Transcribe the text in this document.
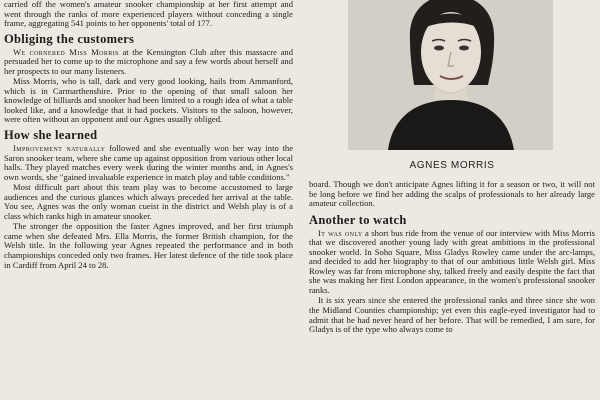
carried off the women's amateur snooker championship at her first attempt and went through the ranks of more experienced players without conceding a single frame, aggregating 541 points to her opponents' total of 177.

Obliging the customers

We cornered Miss Morris at the Kensington Club after this massacre and persuaded her to come up to the microphone and say a few words about herself and her prospects to our many listeners.

Miss Morris, who is tall, dark and very good looking, hails from Ammanford, which is in Carmarthenshire. Prior to the opening of that small saloon her knowledge of billiards and snooker had been limited to a rough idea of what a table looked like, and a knowledge that it had pockets. Visitors to the saloon, however, were often without an opponent and our Agnes usually obliged.

How she learned

Improvement naturally followed and she eventually won her way into the Saron snooker team, where she came up against opposition from various other local halls. They played matches every week during the winter months and, in Agnes's own words, she "gained invaluable experience in match play and table conditions."

Most difficult part about this team play was to become accustomed to large audiences and the curious glances which always preceded her arrival at the table. You see, Agnes was the only woman cueist in the district and Welsh play is of a class which ranks high in amateur snooker.

The stronger the opposition the faster Agnes improved, and her first triumph came when she defeated Mrs. Ella Morris, the former British champion, for the Welsh title. In the following year Agnes repeated the performance and in both championships conceded only two frames. Her latest defence of the title took place in Cardiff from April 24 to 28.

AGNES MORRIS

board. Though we don't anticipate Agnes lifting it for a season or two, it will not be long before we find her adding the scalps of professionals to her already large amateur collection.

Another to watch

It was only a short bus ride from the venue of our interview with Miss Morris that we discovered another young lady with great ambitions in the professional snooker world. In Soho Square, Miss Gladys Rowley came under the arc-lamps, and decided to add her biography to that of our ambitious little Welsh girl. Miss Rowley was far from microphone shy, talked freely and easily despite the fact that she was making her first London appearance, in the women's professional snooker ranks.

It is six years since she entered the professional ranks and three since she won the Midland Counties championship; yet even this eagle-eyed investigator had to admit that he had never heard of her before. That will be remedied, I am sure, for Gladys is of the type who always come to
